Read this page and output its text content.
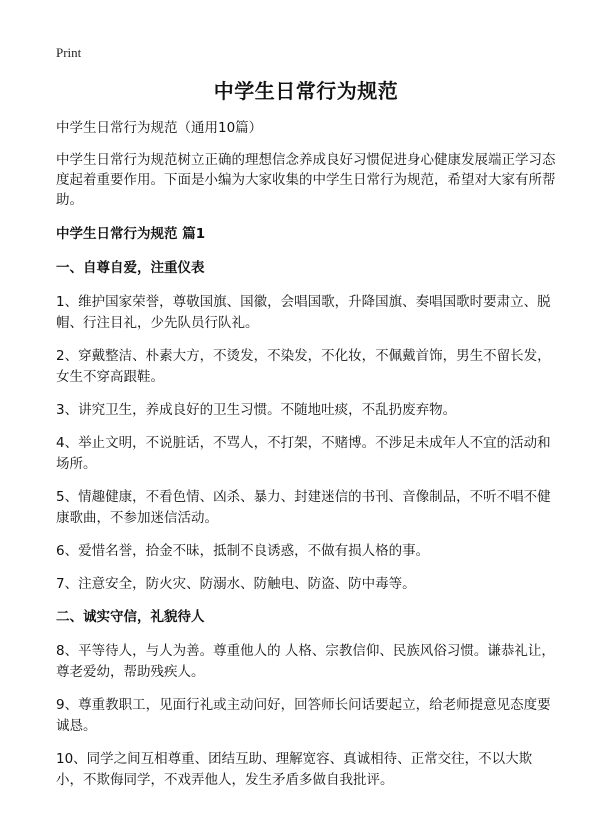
Print
中学生日常行为规范
中学生日常行为规范（通用10篇）
中学生日常行为规范树立正确的理想信念养成良好习惯促进身心健康发展端正学习态度起着重要作用。下面是小编为大家收集的中学生日常行为规范，希望对大家有所帮助。
中学生日常行为规范 篇1
一、自尊自爱，注重仪表
1、维护国家荣誉，尊敬国旗、国徽，会唱国歌，升降国旗、奏唱国歌时要肃立、脱帽、行注目礼，少先队员行队礼。
2、穿戴整洁、朴素大方，不烫发，不染发，不化妆，不佩戴首饰，男生不留长发，女生不穿高跟鞋。
3、讲究卫生，养成良好的卫生习惯。不随地吐痰，不乱扔废弃物。
4、举止文明，不说脏话，不骂人，不打架，不赌博。不涉足未成年人不宜的活动和场所。
5、情趣健康，不看色情、凶杀、暴力、封建迷信的书刊、音像制品，不听不唱不健康歌曲，不参加迷信活动。
6、爱惜名誉，拾金不昧，抵制不良诱惑，不做有损人格的事。
7、注意安全，防火灾、防溺水、防触电、防盗、防中毒等。
二、诚实守信，礼貌待人
8、平等待人，与人为善。尊重他人的 人格、宗教信仰、民族风俗习惯。谦恭礼让，尊老爱幼，帮助残疾人。
9、尊重教职工，见面行礼或主动问好，回答师长问话要起立，给老师提意见态度要诚恳。
10、同学之间互相尊重、团结互助、理解宽容、真诚相待、正常交往，不以大欺小，不欺侮同学，不戏弄他人，发生矛盾多做自我批评。
